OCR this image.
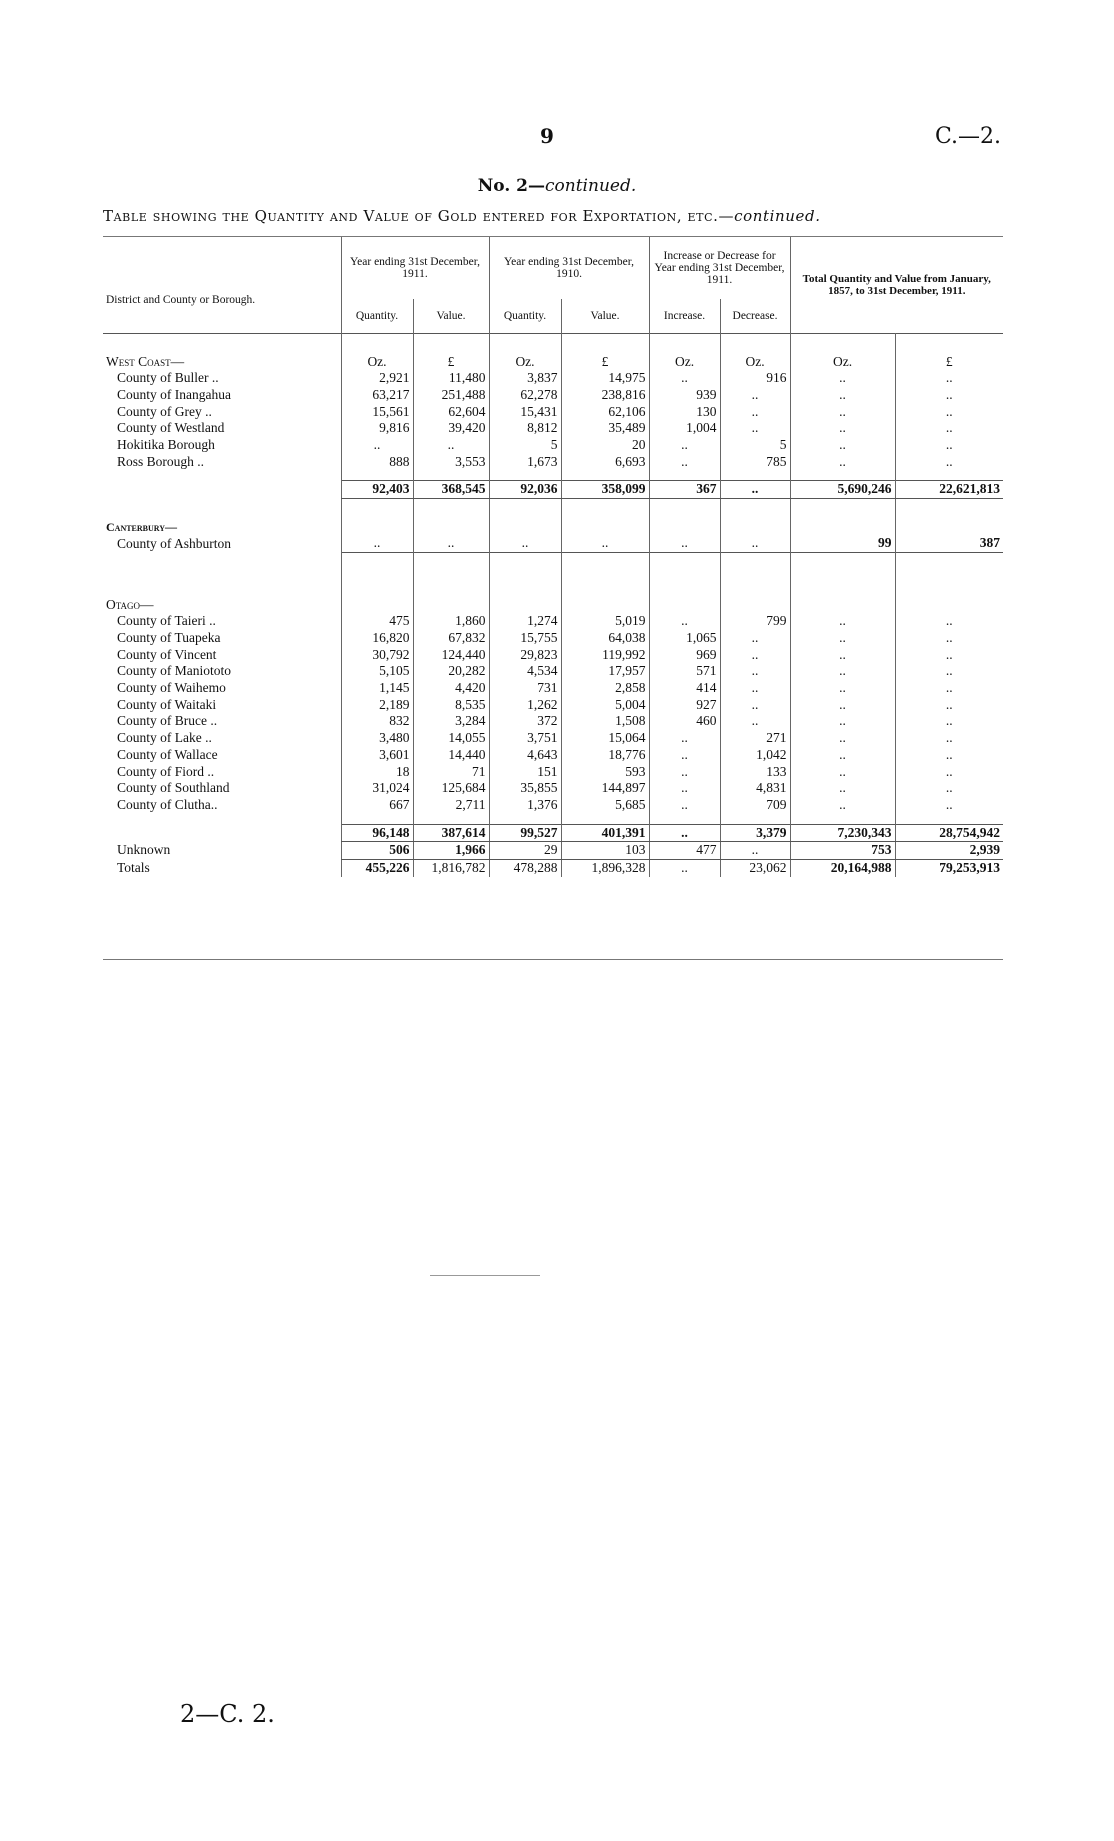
9	C.—2.
No. 2—continued.
Table showing the Quantity and Value of Gold entered for Exportation, etc.—continued.
District and County or Borough.	Year ending 31st December, 1911.		Year ending 31st December, 1910.		Increase or Decrease for Year ending 31st December, 1911.		Total Quantity and Value from January, 1857, to 31st December, 1911.	
	Quantity.	Value.	Quantity.	Value.	Increase.	Decrease.		

West Coast—	Oz.	£	Oz.	£	Oz.	Oz.	Oz.	£
County of Buller ..	2,921	11,480	3,837	14,975	..	916	..	..
County of Inangahua	63,217	251,488	62,278	238,816	939	..	..	..
County of Grey ..	15,561	62,604	15,431	62,106	130	..	..	..
County of Westland	9,816	39,420	8,812	35,489	1,004	..	..	..
Hokitika Borough	..	..	5	20	..	5	..	..
Ross Borough ..	888	3,553	1,673	6,693	..	785	..	..

	92,403	368,545	92,036	358,099	367	..	5,690,246	22,621,813

Canterbury—								
County of Ashburton	..	..	..	..	..	..	99	387

Otago—								
County of Taieri ..	475	1,860	1,274	5,019	..	799	..	..
County of Tuapeka	16,820	67,832	15,755	64,038	1,065	..	..	..
County of Vincent	30,792	124,440	29,823	119,992	969	..	..	..
County of Maniototo	5,105	20,282	4,534	17,957	571	..	..	..
County of Waihemo	1,145	4,420	731	2,858	414	..	..	..
County of Waitaki	2,189	8,535	1,262	5,004	927	..	..	..
County of Bruce ..	832	3,284	372	1,508	460	..	..	..
County of Lake ..	3,480	14,055	3,751	15,064	..	271	..	..
County of Wallace	3,601	14,440	4,643	18,776	..	1,042	..	..
County of Fiord ..	18	71	151	593	..	133	..	..
County of Southland	31,024	125,684	35,855	144,897	..	4,831	..	..
County of Clutha..	667	2,711	1,376	5,685	..	709	..	..

	96,148	387,614	99,527	401,391	..	3,379	7,230,343	28,754,942
Unknown	506	1,966	29	103	477	..	753	2,939
Totals	455,226	1,816,782	478,288	1,896,328	..	23,062	20,164,988	79,253,913
2—C. 2.
